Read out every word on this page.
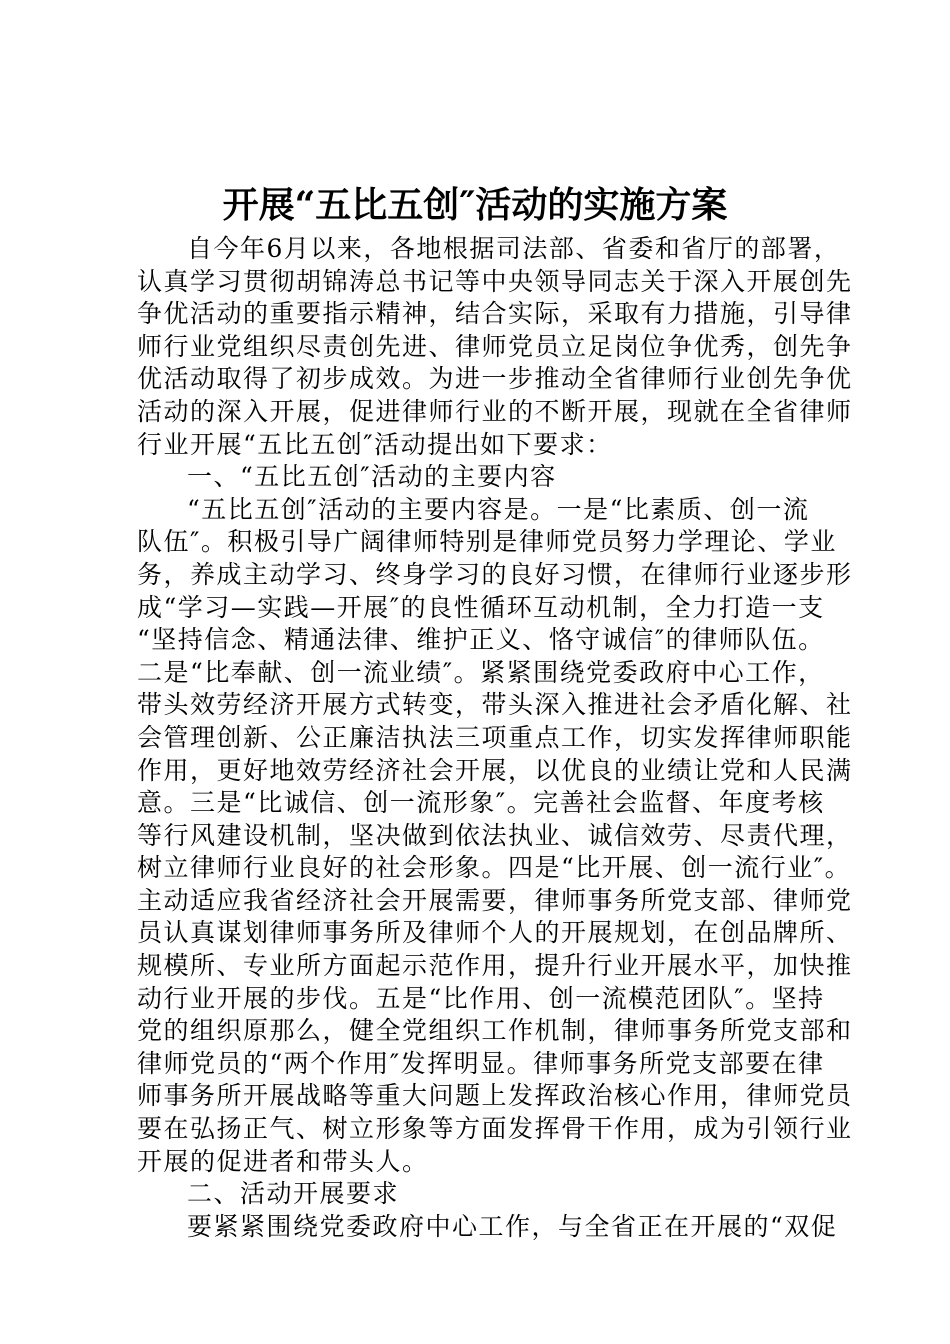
开展“五比五创″活动的实施方案
自今年6月以来，各地根据司法部、省委和省厅的部署，
认真学习贯彻胡锦涛总书记等中央领导同志关于深入开展创先
争优活动的重要指示精神，结合实际，采取有力措施，引导律
师行业党组织尽责创先进、律师党员立足岗位争优秀，创先争
优活动取得了初步成效。为进一步推动全省律师行业创先争优
活动的深入开展，促进律师行业的不断开展，现就在全省律师
行业开展“五比五创″活动提出如下要求：
一、“五比五创″活动的主要内容
“五比五创″活动的主要内容是。一是“比素质、创一流
队伍″。积极引导广阔律师特别是律师党员努力学理论、学业
务，养成主动学习、终身学习的良好习惯，在律师行业逐步形
成“学习—实践—开展″的良性循环互动机制，全力打造一支
“坚持信念、精通法律、维护正义、恪守诚信″的律师队伍。
二是“比奉献、创一流业绩″。紧紧围绕党委政府中心工作，
带头效劳经济开展方式转变，带头深入推进社会矛盾化解、社
会管理创新、公正廉洁执法三项重点工作，切实发挥律师职能
作用，更好地效劳经济社会开展，以优良的业绩让党和人民满
意。三是“比诚信、创一流形象″。完善社会监督、年度考核
等行风建设机制，坚决做到依法执业、诚信效劳、尽责代理，
树立律师行业良好的社会形象。四是“比开展、创一流行业″。
主动适应我省经济社会开展需要，律师事务所党支部、律师党
员认真谋划律师事务所及律师个人的开展规划，在创品牌所、
规模所、专业所方面起示范作用，提升行业开展水平，加快推
动行业开展的步伐。五是“比作用、创一流模范团队″。坚持
党的组织原那么，健全党组织工作机制，律师事务所党支部和
律师党员的“两个作用″发挥明显。律师事务所党支部要在律
师事务所开展战略等重大问题上发挥政治核心作用，律师党员
要在弘扬正气、树立形象等方面发挥骨干作用，成为引领行业
开展的促进者和带头人。
二、活动开展要求
要紧紧围绕党委政府中心工作，与全省正在开展的“双促
